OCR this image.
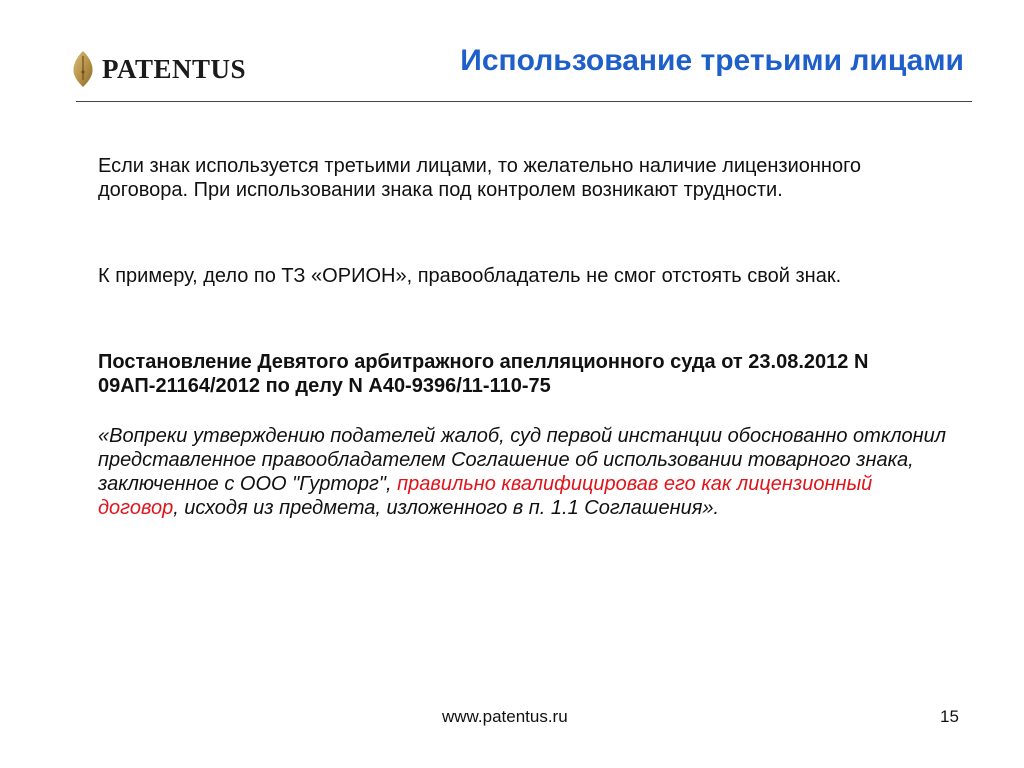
PATENTUS	Использование третьими лицами

Если знак используется третьими лицами, то желательно наличие лицензионного договора. При использовании знака под контролем возникают трудности.

К примеру, дело по ТЗ «ОРИОН», правообладатель не смог отстоять свой знак.

Постановление Девятого арбитражного апелляционного суда от 23.08.2012 N 09АП-21164/2012 по делу N А40-9396/11-110-75

«Вопреки утверждению подателей жалоб, суд первой инстанции обоснованно отклонил представленное правообладателем Соглашение об использовании товарного знака, заключенное с ООО "Гурторг", правильно квалифицировав его как лицензионный договор, исходя из предмета, изложенного в п. 1.1 Соглашения».

www.patentus.ru	15
